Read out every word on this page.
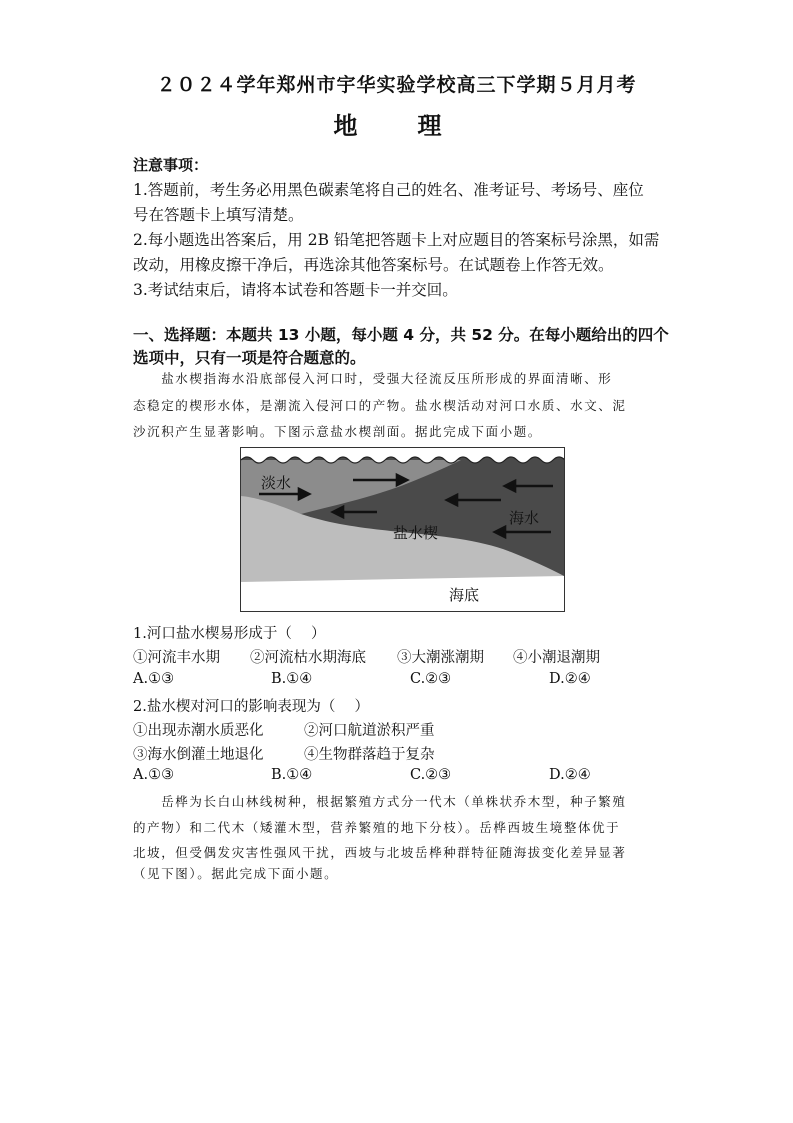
２０２４学年郑州市宇华实验学校高三下学期５月月考
地　理
注意事项：
1.答题前，考生务必用黑色碳素笔将自己的姓名、准考证号、考场号、座位
号在答题卡上填写清楚。
2.每小题选出答案后，用 2B 铅笔把答题卡上对应题目的答案标号涂黑，如需
改动，用橡皮擦干净后，再选涂其他答案标号。在试题卷上作答无效。
3.考试结束后，请将本试卷和答题卡一并交回。
一、选择题：本题共 13 小题，每小题 4 分，共 52 分。在每小题给出的四个
选项中，只有一项是符合题意的。
　　盐水楔指海水沿底部侵入河口时，受强大径流反压所形成的界面清晰、形
态稳定的楔形水体，是潮流入侵河口的产物。盐水楔活动对河口水质、水文、泥
沙沉积产生显著影响。下图示意盐水楔剖面。据此完成下面小题。
淡水
海水
盐水楔
海底
1.河口盐水楔易形成于（　 ）
①河流丰水期 ②河流枯水期海底 ③大潮涨潮期 ④小潮退潮期
A.①③	B.①④	C.②③	D.②④
2.盐水楔对河口的影响表现为（　 ）
①出现赤潮水质恶化	②河口航道淤积严重
③海水倒灌土地退化	④生物群落趋于复杂
A.①③	B.①④	C.②③	D.②④
　　岳桦为长白山林线树种，根据繁殖方式分一代木（单株状乔木型，种子繁殖
的产物）和二代木（矮灌木型，营养繁殖的地下分枝）。岳桦西坡生境整体优于
北坡，但受偶发灾害性强风干扰，西坡与北坡岳桦种群特征随海拔变化差异显著
（见下图）。据此完成下面小题。
